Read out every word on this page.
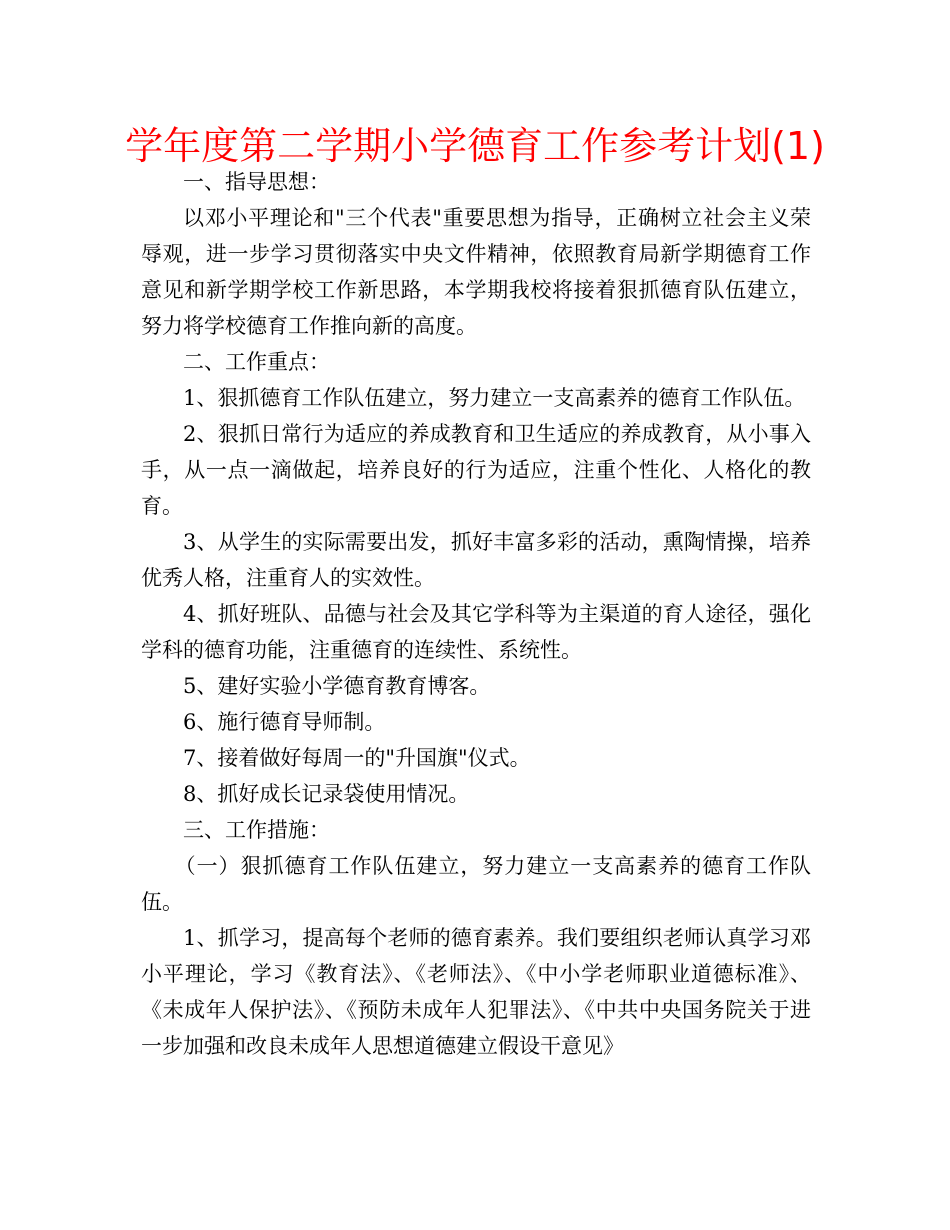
学年度第二学期小学德育工作参考计划(1)

一、指导思想：

以邓小平理论和"三个代表"重要思想为指导，正确树立社会主义荣辱观，进一步学习贯彻落实中央文件精神，依照教育局新学期德育工作意见和新学期学校工作新思路，本学期我校将接着狠抓德育队伍建立，努力将学校德育工作推向新的高度。

二、工作重点：

1、狠抓德育工作队伍建立，努力建立一支高素养的德育工作队伍。

2、狠抓日常行为适应的养成教育和卫生适应的养成教育，从小事入手，从一点一滴做起，培养良好的行为适应，注重个性化、人格化的教育。

3、从学生的实际需要出发，抓好丰富多彩的活动，熏陶情操，培养优秀人格，注重育人的实效性。

4、抓好班队、品德与社会及其它学科等为主渠道的育人途径，强化学科的德育功能，注重德育的连续性、系统性。

5、建好实验小学德育教育博客。

6、施行德育导师制。

7、接着做好每周一的"升国旗"仪式。

8、抓好成长记录袋使用情况。

三、工作措施：

（一）狠抓德育工作队伍建立，努力建立一支高素养的德育工作队伍。

1、抓学习，提高每个老师的德育素养。我们要组织老师认真学习邓小平理论，学习《教育法》、《老师法》、《中小学老师职业道德标准》、《未成年人保护法》、《预防未成年人犯罪法》、《中共中央国务院关于进一步加强和改良未成年人思想道德建立假设干意见》
